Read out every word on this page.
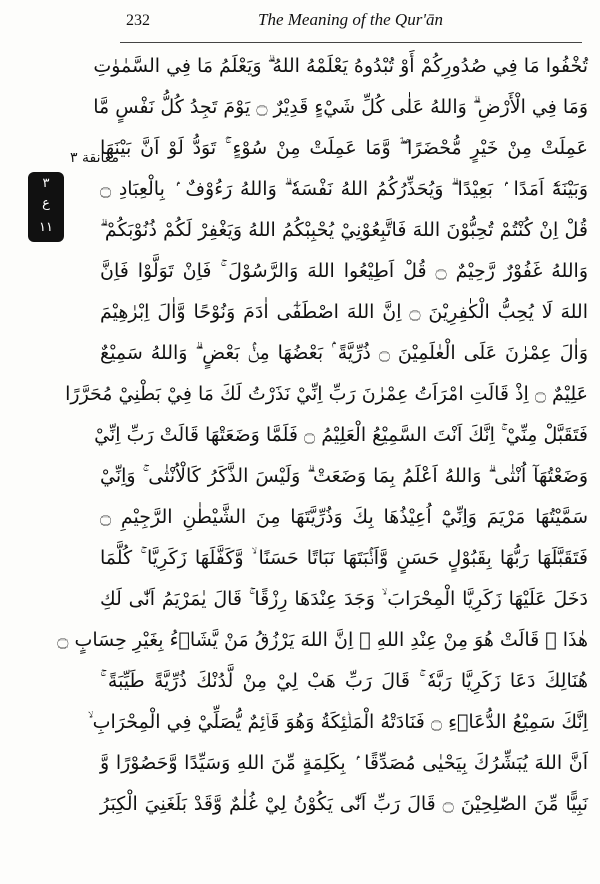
232	The Meaning of the Qur'ān
معانقة ٣
٣
ع
١١
تُخْفُوا مَا فِي صُدُورِكُمْ أَوْ تُبْدُوهُ يَعْلَمْهُ اللهُ ۗ وَيَعْلَمُ مَا فِي السَّمٰوٰتِ
وَمَا فِي الْأَرْضِ ۗ وَاللهُ عَلٰى كُلِّ شَيْءٍ قَدِيْرٌ ۝ يَوْمَ تَجِدُ كُلُّ نَفْسٍ مَّا
عَمِلَتْ مِنْ خَيْرٍ مُّحْضَرًا ۖۛ وَّمَا عَمِلَتْ مِنْ سُوْءٍ ۚۛ تَوَدُّ لَوْ اَنَّ بَيْنَهَا
وَبَيْنَهٗٓ اَمَدًا ۢ بَعِيْدًا ۗ وَيُحَذِّرُكُمُ اللهُ نَفْسَهٗ ۗ وَاللهُ رَءُوْفٌ ۢ بِالْعِبَادِ ۝
قُلْ اِنْ كُنْتُمْ تُحِبُّوْنَ اللهَ فَاتَّبِعُوْنِيْ يُحْبِبْكُمُ اللهُ وَيَغْفِرْ لَكُمْ ذُنُوْبَكُمْ ۗ
وَاللهُ غَفُوْرٌ رَّحِيْمٌ ۝ قُلْ اَطِيْعُوا اللهَ وَالرَّسُوْلَ ۚ فَاِنْ تَوَلَّوْا فَاِنَّ
اللهَ لَا يُحِبُّ الْكٰفِرِيْنَ ۝ اِنَّ اللهَ اصْطَفٰٓى اٰدَمَ وَنُوْحًا وَّاٰلَ اِبْرٰهِيْمَ
وَاٰلَ عِمْرٰنَ عَلَى الْعٰلَمِيْنَ ۝ ذُرِّيَّةً ۢ بَعْضُهَا مِنْۢ بَعْضٍ ۗ وَاللهُ سَمِيْعٌ
عَلِيْمٌ ۝ اِذْ قَالَتِ امْرَاَتُ عِمْرٰنَ رَبِّ اِنِّيْ نَذَرْتُ لَكَ مَا فِيْ بَطْنِيْ مُحَرَّرًا
فَتَقَبَّلْ مِنِّيْ ۚ اِنَّكَ اَنْتَ السَّمِيْعُ الْعَلِيْمُ ۝ فَلَمَّا وَضَعَتْهَا قَالَتْ رَبِّ اِنِّيْ
وَضَعْتُهَآ اُنْثٰى ۗ وَاللهُ اَعْلَمُ بِمَا وَضَعَتْ ۗ وَلَيْسَ الذَّكَرُ كَالْاُنْثٰى ۚ وَاِنِّيْ
سَمَّيْتُهَا مَرْيَمَ وَاِنِّيْٓ اُعِيْذُهَا بِكَ وَذُرِّيَّتَهَا مِنَ الشَّيْطٰنِ الرَّجِيْمِ ۝
فَتَقَبَّلَهَا رَبُّهَا بِقَبُوْلٍ حَسَنٍ وَّاَنْۢبَتَهَا نَبَاتًا حَسَنًا ۙ وَّكَفَّلَهَا زَكَرِيَّا ۚ كُلَّمَا
دَخَلَ عَلَيْهَا زَكَرِيَّا الْمِحْرَابَ ۙ وَجَدَ عِنْدَهَا رِزْقًا ۚ قَالَ يٰمَرْيَمُ اَنّٰى لَكِ
هٰذَا ۗ قَالَتْ هُوَ مِنْ عِنْدِ اللهِ ۗ اِنَّ اللهَ يَرْزُقُ مَنْ يَّشَاۤءُ بِغَيْرِ حِسَابٍ ۝
هُنَالِكَ دَعَا زَكَرِيَّا رَبَّهٗ ۚ قَالَ رَبِّ هَبْ لِيْ مِنْ لَّدُنْكَ ذُرِّيَّةً طَيِّبَةً ۚ
اِنَّكَ سَمِيْعُ الدُّعَاۤءِ ۝ فَنَادَتْهُ الْمَلٰۤئِكَةُ وَهُوَ قَاۤئِمٌ يُّصَلِّيْ فِي الْمِحْرَابِ ۙ
اَنَّ اللهَ يُبَشِّرُكَ بِيَحْيٰى مُصَدِّقًا ۢ بِكَلِمَةٍ مِّنَ اللهِ وَسَيِّدًا وَّحَصُوْرًا وَّ
نَبِيًّا مِّنَ الصّٰلِحِيْنَ ۝ قَالَ رَبِّ اَنّٰى يَكُوْنُ لِيْ غُلٰمٌ وَّقَدْ بَلَغَنِيَ الْكِبَرُ
